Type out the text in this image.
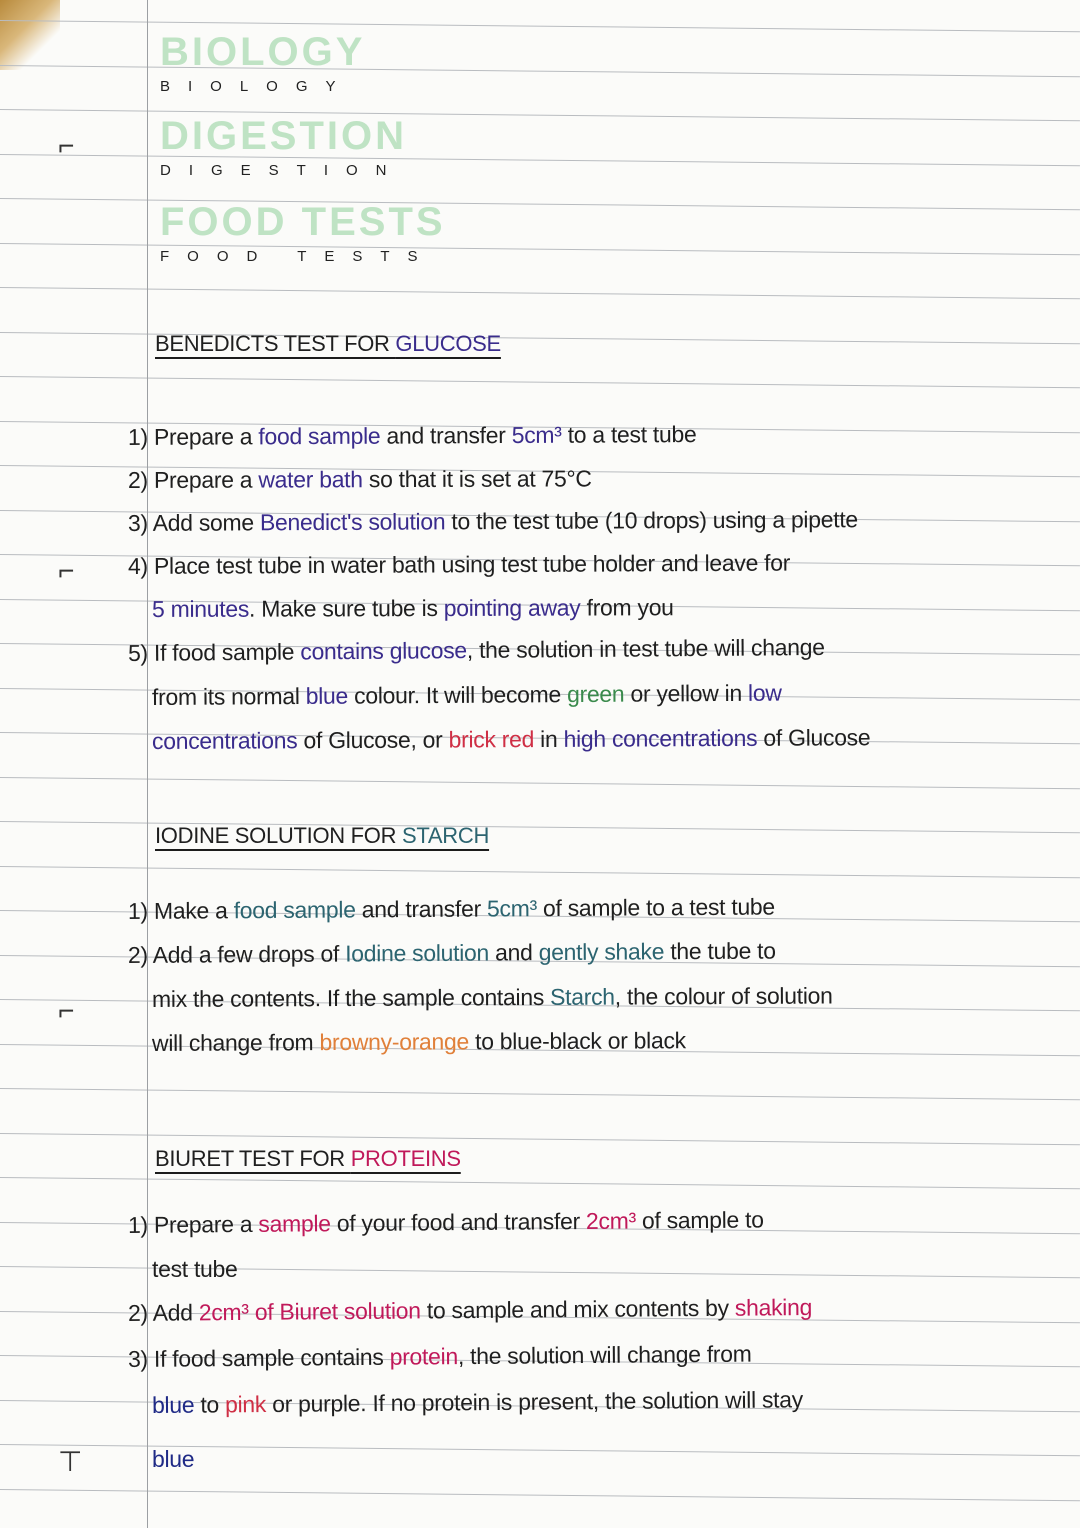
⌐
⌐
⌐
⊤
BIOLOGY
BIOLOGY
DIGESTION
DIGESTION
FOOD TESTS
FOOD TESTS
BENEDICTS TEST FOR GLUCOSE
1) Prepare a food sample and transfer 5cm³ to a test tube
2) Prepare a water bath so that it is set at 75°C
3) Add some Benedict's solution to the test tube (10 drops) using a pipette
4) Place test tube in water bath using test tube holder and leave for
5 minutes. Make sure tube is pointing away from you
5) If food sample contains glucose, the solution in test tube will change
from its normal blue colour. It will become green or yellow in low
concentrations of Glucose, or brick red in high concentrations of Glucose
IODINE SOLUTION FOR STARCH
1) Make a food sample and transfer 5cm³ of sample to a test tube
2) Add a few drops of Iodine solution and gently shake the tube to
mix the contents. If the sample contains Starch, the colour of solution
will change from browny-orange to blue-black or black
BIURET TEST FOR PROTEINS
1) Prepare a sample of your food and transfer 2cm³ of sample to
test tube
2) Add 2cm³ of Biuret solution to sample and mix contents by shaking
3) If food sample contains protein, the solution will change from
blue to pink or purple. If no protein is present, the solution will stay
blue
